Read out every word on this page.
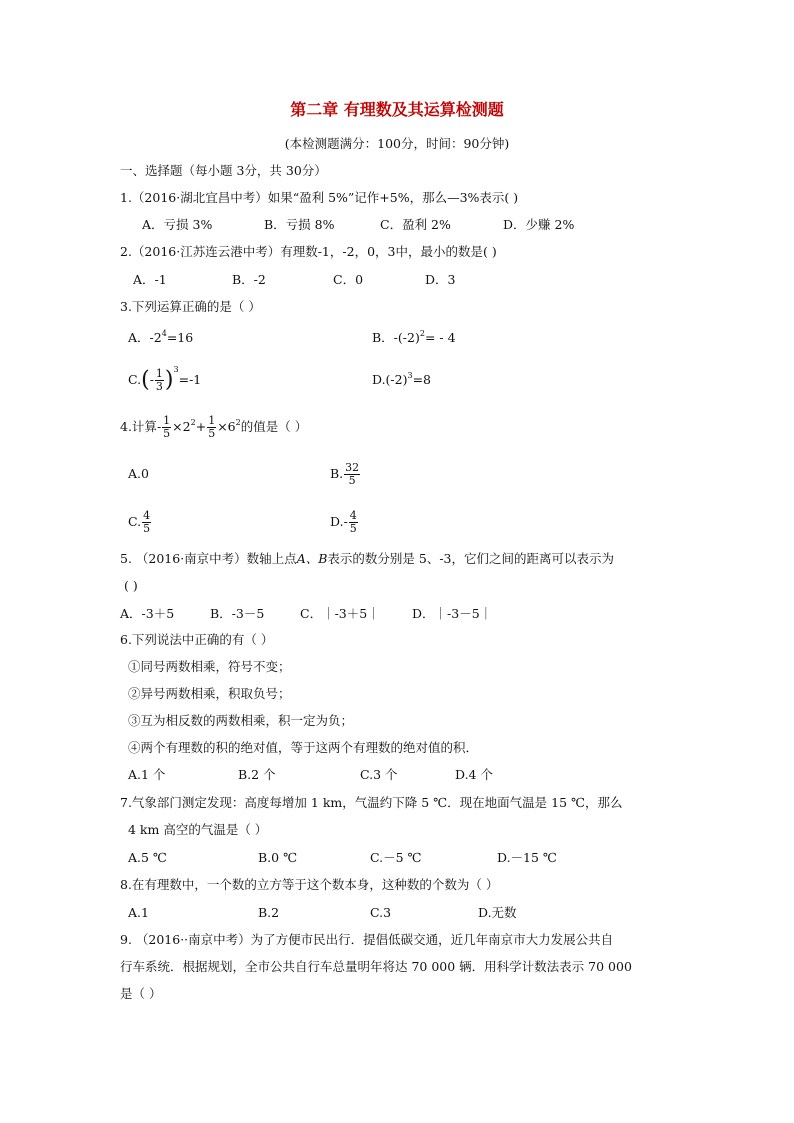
第二章 有理数及其运算检测题
(本检测题满分：100分，时间：90分钟)
一、选择题（每小题 3分，共 30分）
1.（2016·湖北宜昌中考）如果“盈利 5%”记作+5%，那么—3%表示( )
A．亏损 3%	B．亏损 8%	C．盈利 2%	D．少赚 2%
2.（2016·江苏连云港中考）有理数-1，-2，0，3中，最小的数是( )
A．-1	B．-2	C．0	D．3
3.下列运算正确的是（ ）
A．$-2^4=16$	B．$-(-2)^2= - 4$
$C.(- \frac{1}{3} )^3=-1$	$D.(-2)^3=8$
4.计算- $\frac{1}{5} \times 2^2+ \frac{1}{5} \times 6^2$的值是（ ）
A.0	B. $\frac{32}{5}$
C. $\frac{4}{5}$	$D.- \frac{4}{5}$
5. （2016·南京中考）数轴上点A、B表示的数分别是 5、-3，它们之间的距离可以表示为
( )
A．-3＋5	B．-3－5	C．｜-3＋5｜	D．｜-3－5｜
6.下列说法中正确的有（ ）
①同号两数相乘，符号不变；
②异号两数相乘，积取负号；
③互为相反数的两数相乘，积一定为负；
④两个有理数的积的绝对值，等于这两个有理数的绝对值的积．
A.1 个	B.2 个	C.3 个	D.4 个
7.气象部门测定发现：高度每增加 1 km，气温约下降 5 ℃．现在地面气温是 15 ℃，那么
4 km 高空的气温是（ ）
A.5 ℃	B.0 ℃	C.－5 ℃	D.－15 ℃
8.在有理数中，一个数的立方等于这个数本身，这种数的个数为（ ）
A.1	B.2	C.3	D.无数
9. （2016··南京中考）为了方便市民出行．提倡低碳交通，近几年南京市大力发展公共自
行车系统．根据规划，全市公共自行车总量明年将达 70 000 辆．用科学计数法表示 70 000
是（ ）
